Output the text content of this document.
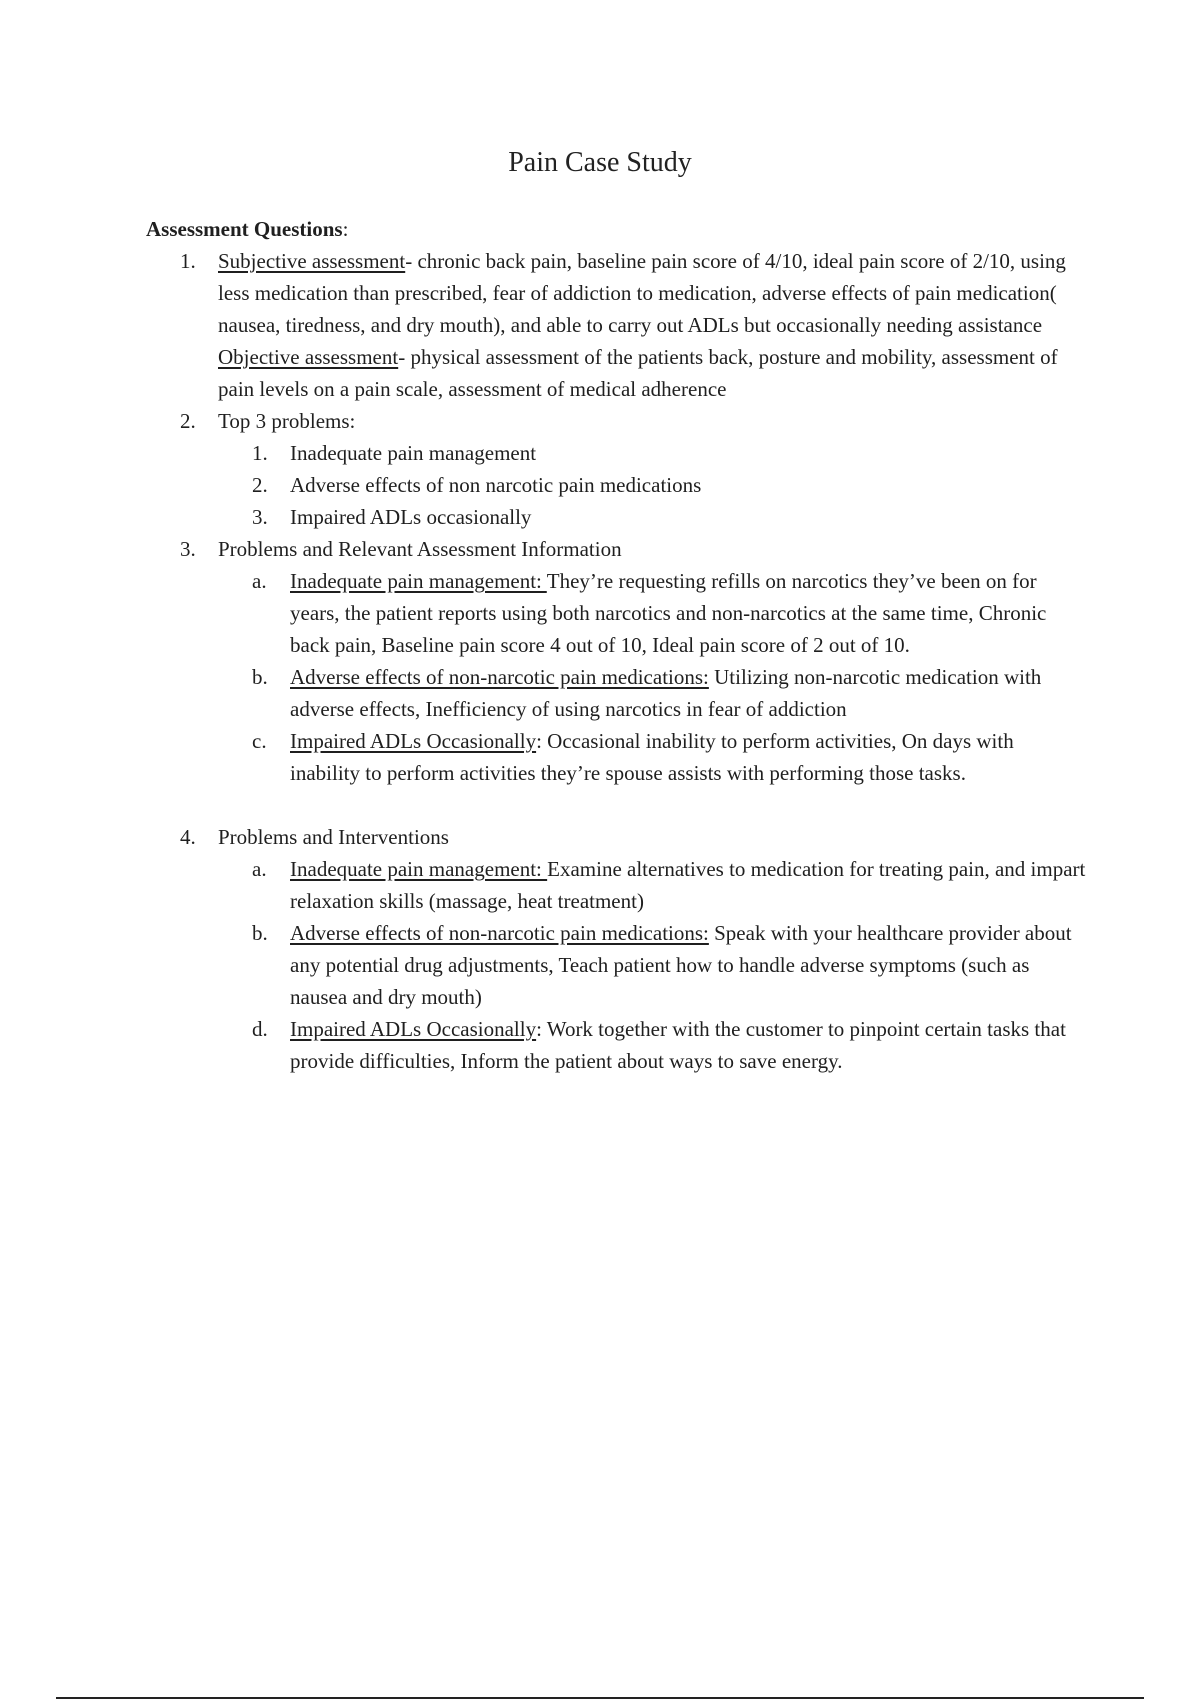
Pain Case Study

Assessment Questions:

1.	Subjective assessment- chronic back pain, baseline pain score of 4/10, ideal pain score of 2/10, using less medication than prescribed, fear of addiction to medication, adverse effects of pain medication( nausea, tiredness, and dry mouth), and able to carry out ADLs but occasionally needing assistance
Objective assessment- physical assessment of the patients back, posture and mobility, assessment of pain levels on a pain scale, assessment of medical adherence
2.	Top 3 problems:
1.	Inadequate pain management
2.	Adverse effects of non narcotic pain medications
3.	Impaired ADLs occasionally
3.	Problems and Relevant Assessment Information
a.	Inadequate pain management: They’re requesting refills on narcotics they’ve been on for years, the patient reports using both narcotics and non-narcotics at the same time, Chronic back pain, Baseline pain score 4 out of 10, Ideal pain score of 2 out of 10.
b.	Adverse effects of non-narcotic pain medications: Utilizing non-narcotic medication with adverse effects, Inefficiency of using narcotics in fear of addiction
c.	Impaired ADLs Occasionally: Occasional inability to perform activities, On days with inability to perform activities they’re spouse assists with performing those tasks.
4.	Problems and Interventions
a.	Inadequate pain management: Examine alternatives to medication for treating pain, and impart relaxation skills (massage, heat treatment)
b.	Adverse effects of non-narcotic pain medications: Speak with your healthcare provider about any potential drug adjustments, Teach patient how to handle adverse symptoms (such as nausea and dry mouth)
d.	Impaired ADLs Occasionally: Work together with the customer to pinpoint certain tasks that provide difficulties, Inform the patient about ways to save energy.
